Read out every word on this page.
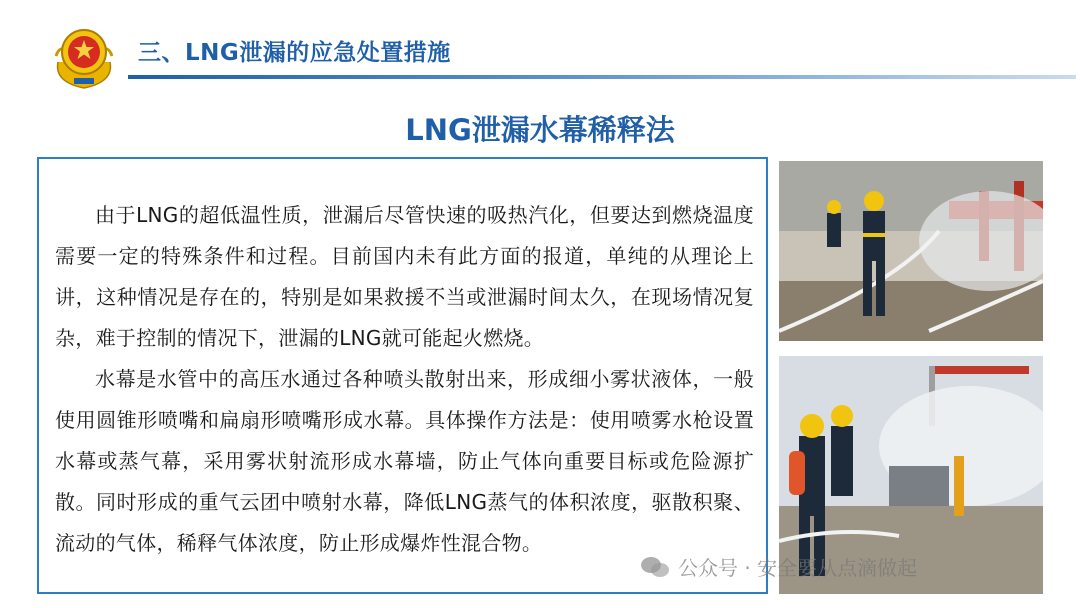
三、LNG泄漏的应急处置措施
LNG泄漏水幕稀释法

由于LNG的超低温性质，泄漏后尽管快速的吸热汽化，但要达到燃烧温度需要一定的特殊条件和过程。目前国内未有此方面的报道，单纯的从理论上讲，这种情况是存在的，特别是如果救援不当或泄漏时间太久，在现场情况复杂，难于控制的情况下，泄漏的LNG就可能起火燃烧。

水幕是水管中的高压水通过各种喷头散射出来，形成细小雾状液体，一般使用圆锥形喷嘴和扁扇形喷嘴形成水幕。具体操作方法是：使用喷雾水枪设置水幕或蒸气幕，采用雾状射流形成水幕墙，防止气体向重要目标或危险源扩散。同时形成的重气云团中喷射水幕，降低LNG蒸气的体积浓度，驱散积聚、流动的气体，稀释气体浓度，防止形成爆炸性混合物。

公众号 · 安全要从点滴做起
